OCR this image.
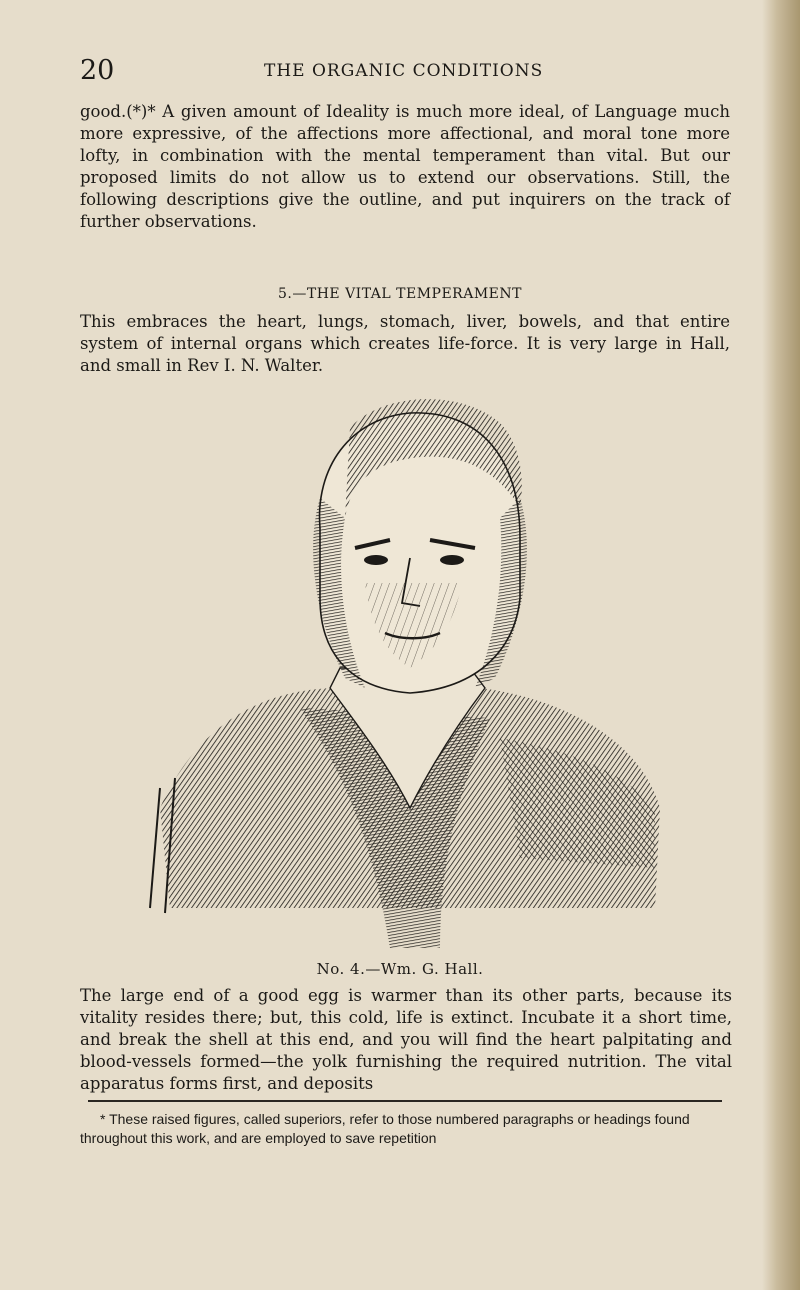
20	THE ORGANIC CONDITIONS

good.(*)* A given amount of Ideality is much more ideal, of Language much more expressive, of the affections more affectional, and moral tone more lofty, in combination with the mental temperament than vital. But our proposed limits do not allow us to extend our observations. Still, the following descriptions give the outline, and put inquirers on the track of further observations.

5.—THE VITAL TEMPERAMENT

This embraces the heart, lungs, stomach, liver, bowels, and that entire system of internal organs which creates life-force. It is very large in Hall, and small in Rev I. N. Walter.

No. 4.—Wm. G. Hall.

The large end of a good egg is warmer than its other parts, because its vitality resides there; but, this cold, life is extinct. Incubate it a short time, and break the shell at this end, and you will find the heart palpitating and blood-vessels formed—the yolk furnishing the required nutrition. The vital apparatus forms first, and deposits

* These raised figures, called superiors, refer to those numbered paragraphs or headings found throughout this work, and are employed to save repetition
